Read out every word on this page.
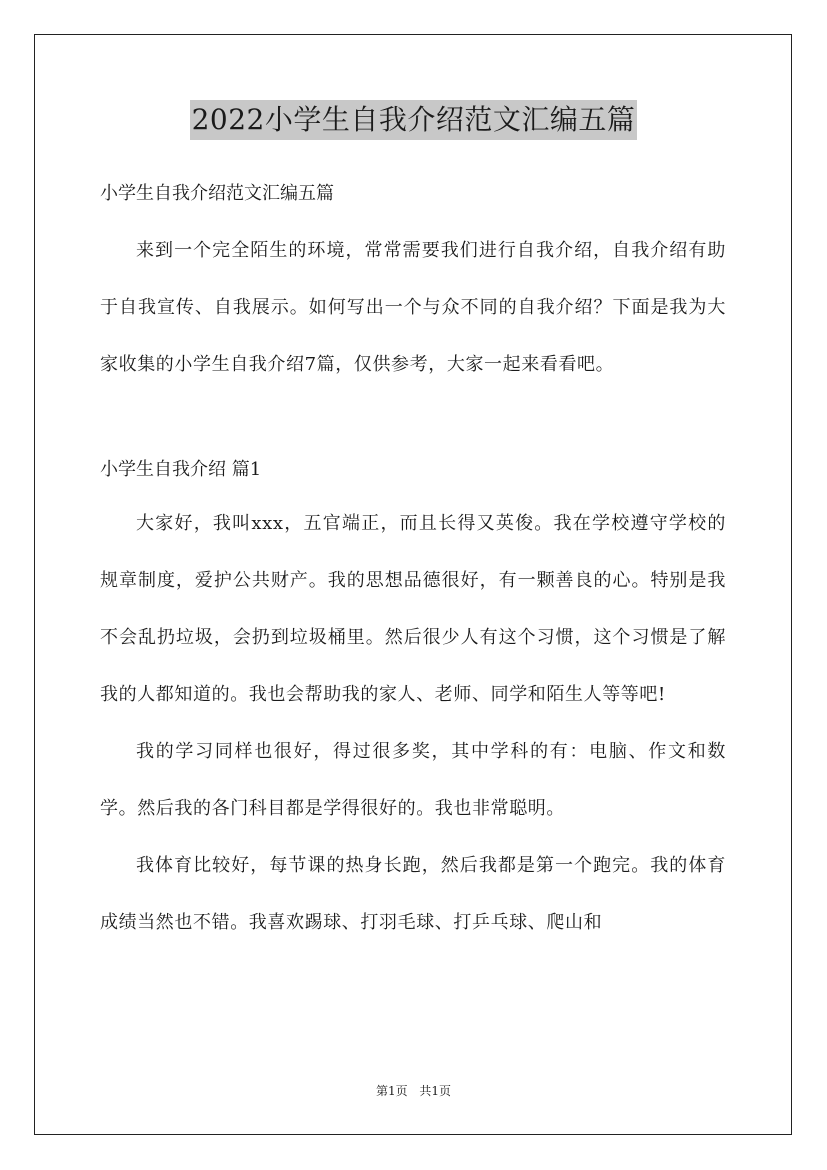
2022小学生自我介绍范文汇编五篇

小学生自我介绍范文汇编五篇

来到一个完全陌生的环境，常常需要我们进行自我介绍，自我介绍有助于自我宣传、自我展示。如何写出一个与众不同的自我介绍？下面是我为大家收集的小学生自我介绍7篇，仅供参考，大家一起来看看吧。

小学生自我介绍 篇1

大家好，我叫xxx，五官端正，而且长得又英俊。我在学校遵守学校的规章制度，爱护公共财产。我的思想品德很好，有一颗善良的心。特别是我不会乱扔垃圾，会扔到垃圾桶里。然后很少人有这个习惯，这个习惯是了解我的人都知道的。我也会帮助我的家人、老师、同学和陌生人等等吧!

我的学习同样也很好，得过很多奖，其中学科的有：电脑、作文和数学。然后我的各门科目都是学得很好的。我也非常聪明。

我体育比较好，每节课的热身长跑，然后我都是第一个跑完。我的体育成绩当然也不错。我喜欢踢球、打羽毛球、打乒乓球、爬山和

第1页 共1页
